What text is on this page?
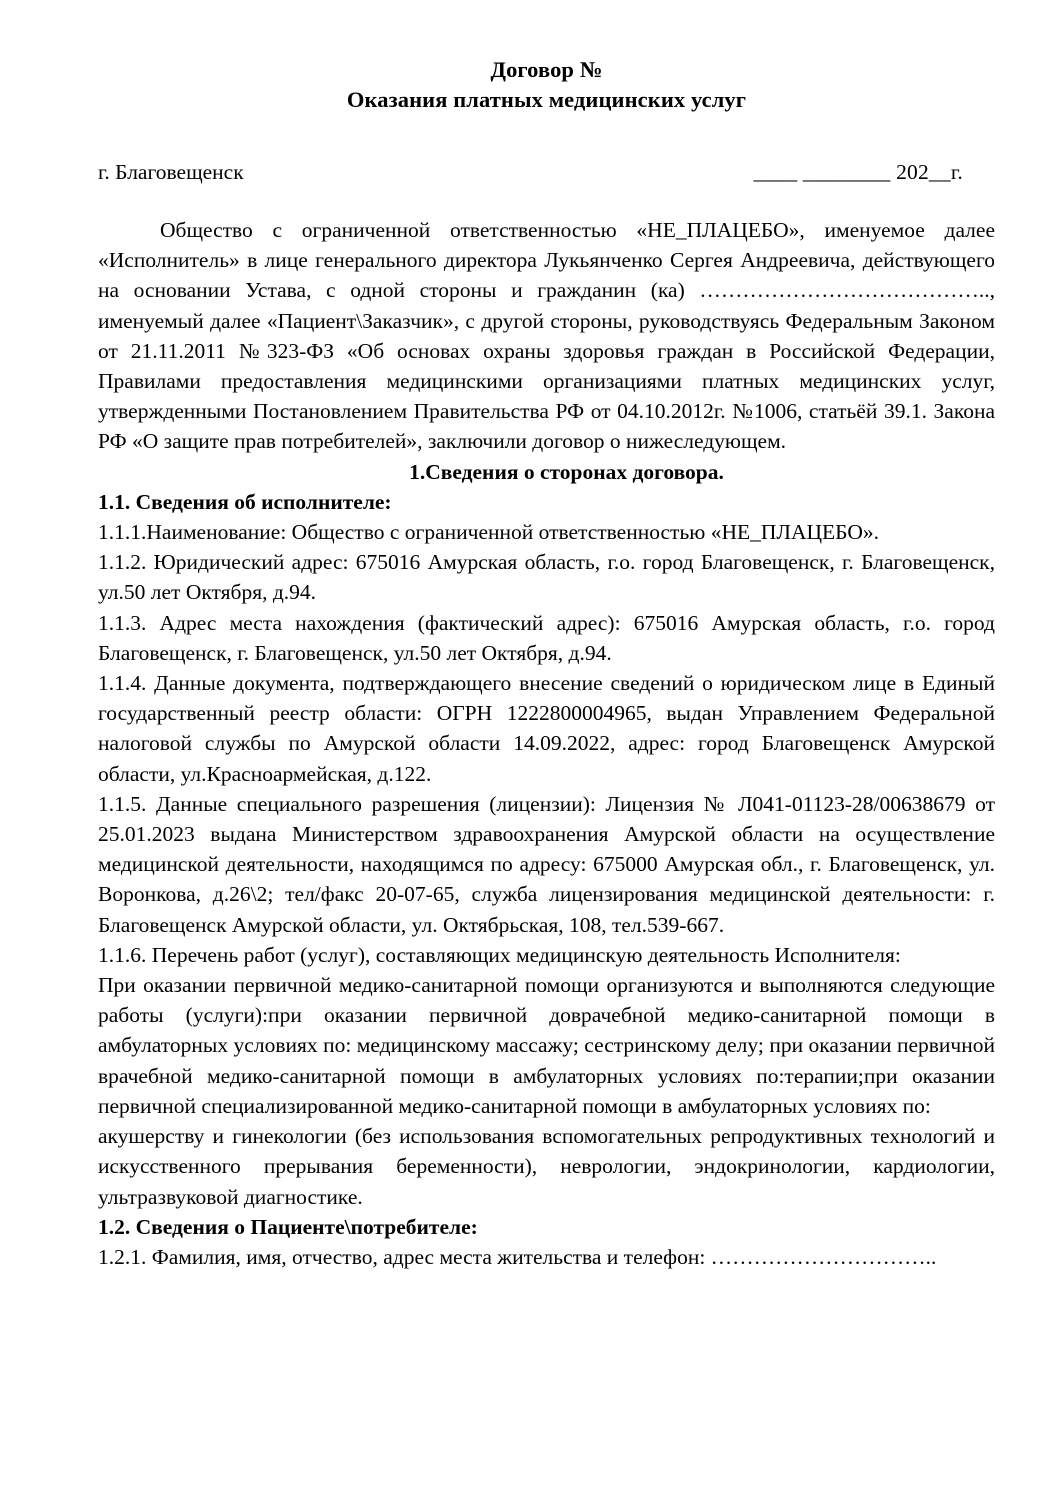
Договор №
Оказания платных медицинских услуг
г. Благовещенск	____ ________ 202__г.

Общество с ограниченной ответственностью «НЕ_ПЛАЦЕБО», именуемое далее «Исполнитель» в лице генерального директора Лукьянченко Сергея Андреевича, действующего на основании Устава, с одной стороны и гражданин (ка) ………………………………….., именуемый далее «Пациент\Заказчик», с другой стороны, руководствуясь Федеральным Законом от 21.11.2011 №323-ФЗ «Об основах охраны здоровья граждан в Российской Федерации, Правилами предоставления медицинскими организациями платных медицинских услуг, утвержденными Постановлением Правительства РФ от 04.10.2012г. №1006, статьёй 39.1. Закона РФ «О защите прав потребителей», заключили договор о нижеследующем.

1.Сведения о сторонах договора.

1.1. Сведения об исполнителе:

1.1.1.Наименование: Общество с ограниченной ответственностью «НЕ_ПЛАЦЕБО».

1.1.2. Юридический адрес: 675016 Амурская область, г.о. город Благовещенск, г. Благовещенск, ул.50 лет Октября, д.94.

1.1.3. Адрес места нахождения (фактический адрес): 675016 Амурская область, г.о. город Благовещенск, г. Благовещенск, ул.50 лет Октября, д.94.

1.1.4. Данные документа, подтверждающего внесение сведений о юридическом лице в Единый государственный реестр области: ОГРН 1222800004965, выдан Управлением Федеральной налоговой службы по Амурской области 14.09.2022, адрес: город Благовещенск Амурской области, ул.Красноармейская, д.122.

1.1.5. Данные специального разрешения (лицензии): Лицензия № Л041-01123-28/00638679 от 25.01.2023 выдана Министерством здравоохранения Амурской области на осуществление медицинской деятельности, находящимся по адресу: 675000 Амурская обл., г. Благовещенск, ул. Воронкова, д.26\2; тел/факс 20-07-65, служба лицензирования медицинской деятельности: г. Благовещенск Амурской области, ул. Октябрьская, 108, тел.539-667.

1.1.6. Перечень работ (услуг), составляющих медицинскую деятельность Исполнителя:

При оказании первичной медико-санитарной помощи организуются и выполняются следующие работы (услуги):при оказании первичной доврачебной медико-санитарной помощи в амбулаторных условиях по: медицинскому массажу; сестринскому делу; при оказании первичной врачебной медико-санитарной помощи в амбулаторных условиях по:терапии;при оказании первичной специализированной медико-санитарной помощи в амбулаторных условиях по:

акушерству и гинекологии (без использования вспомогательных репродуктивных технологий и искусственного прерывания беременности), неврологии, эндокринологии, кардиологии, ультразвуковой диагностике.

1.2. Сведения о Пациенте\потребителе:

1.2.1. Фамилия, имя, отчество, адрес места жительства и телефон: …………………………..
